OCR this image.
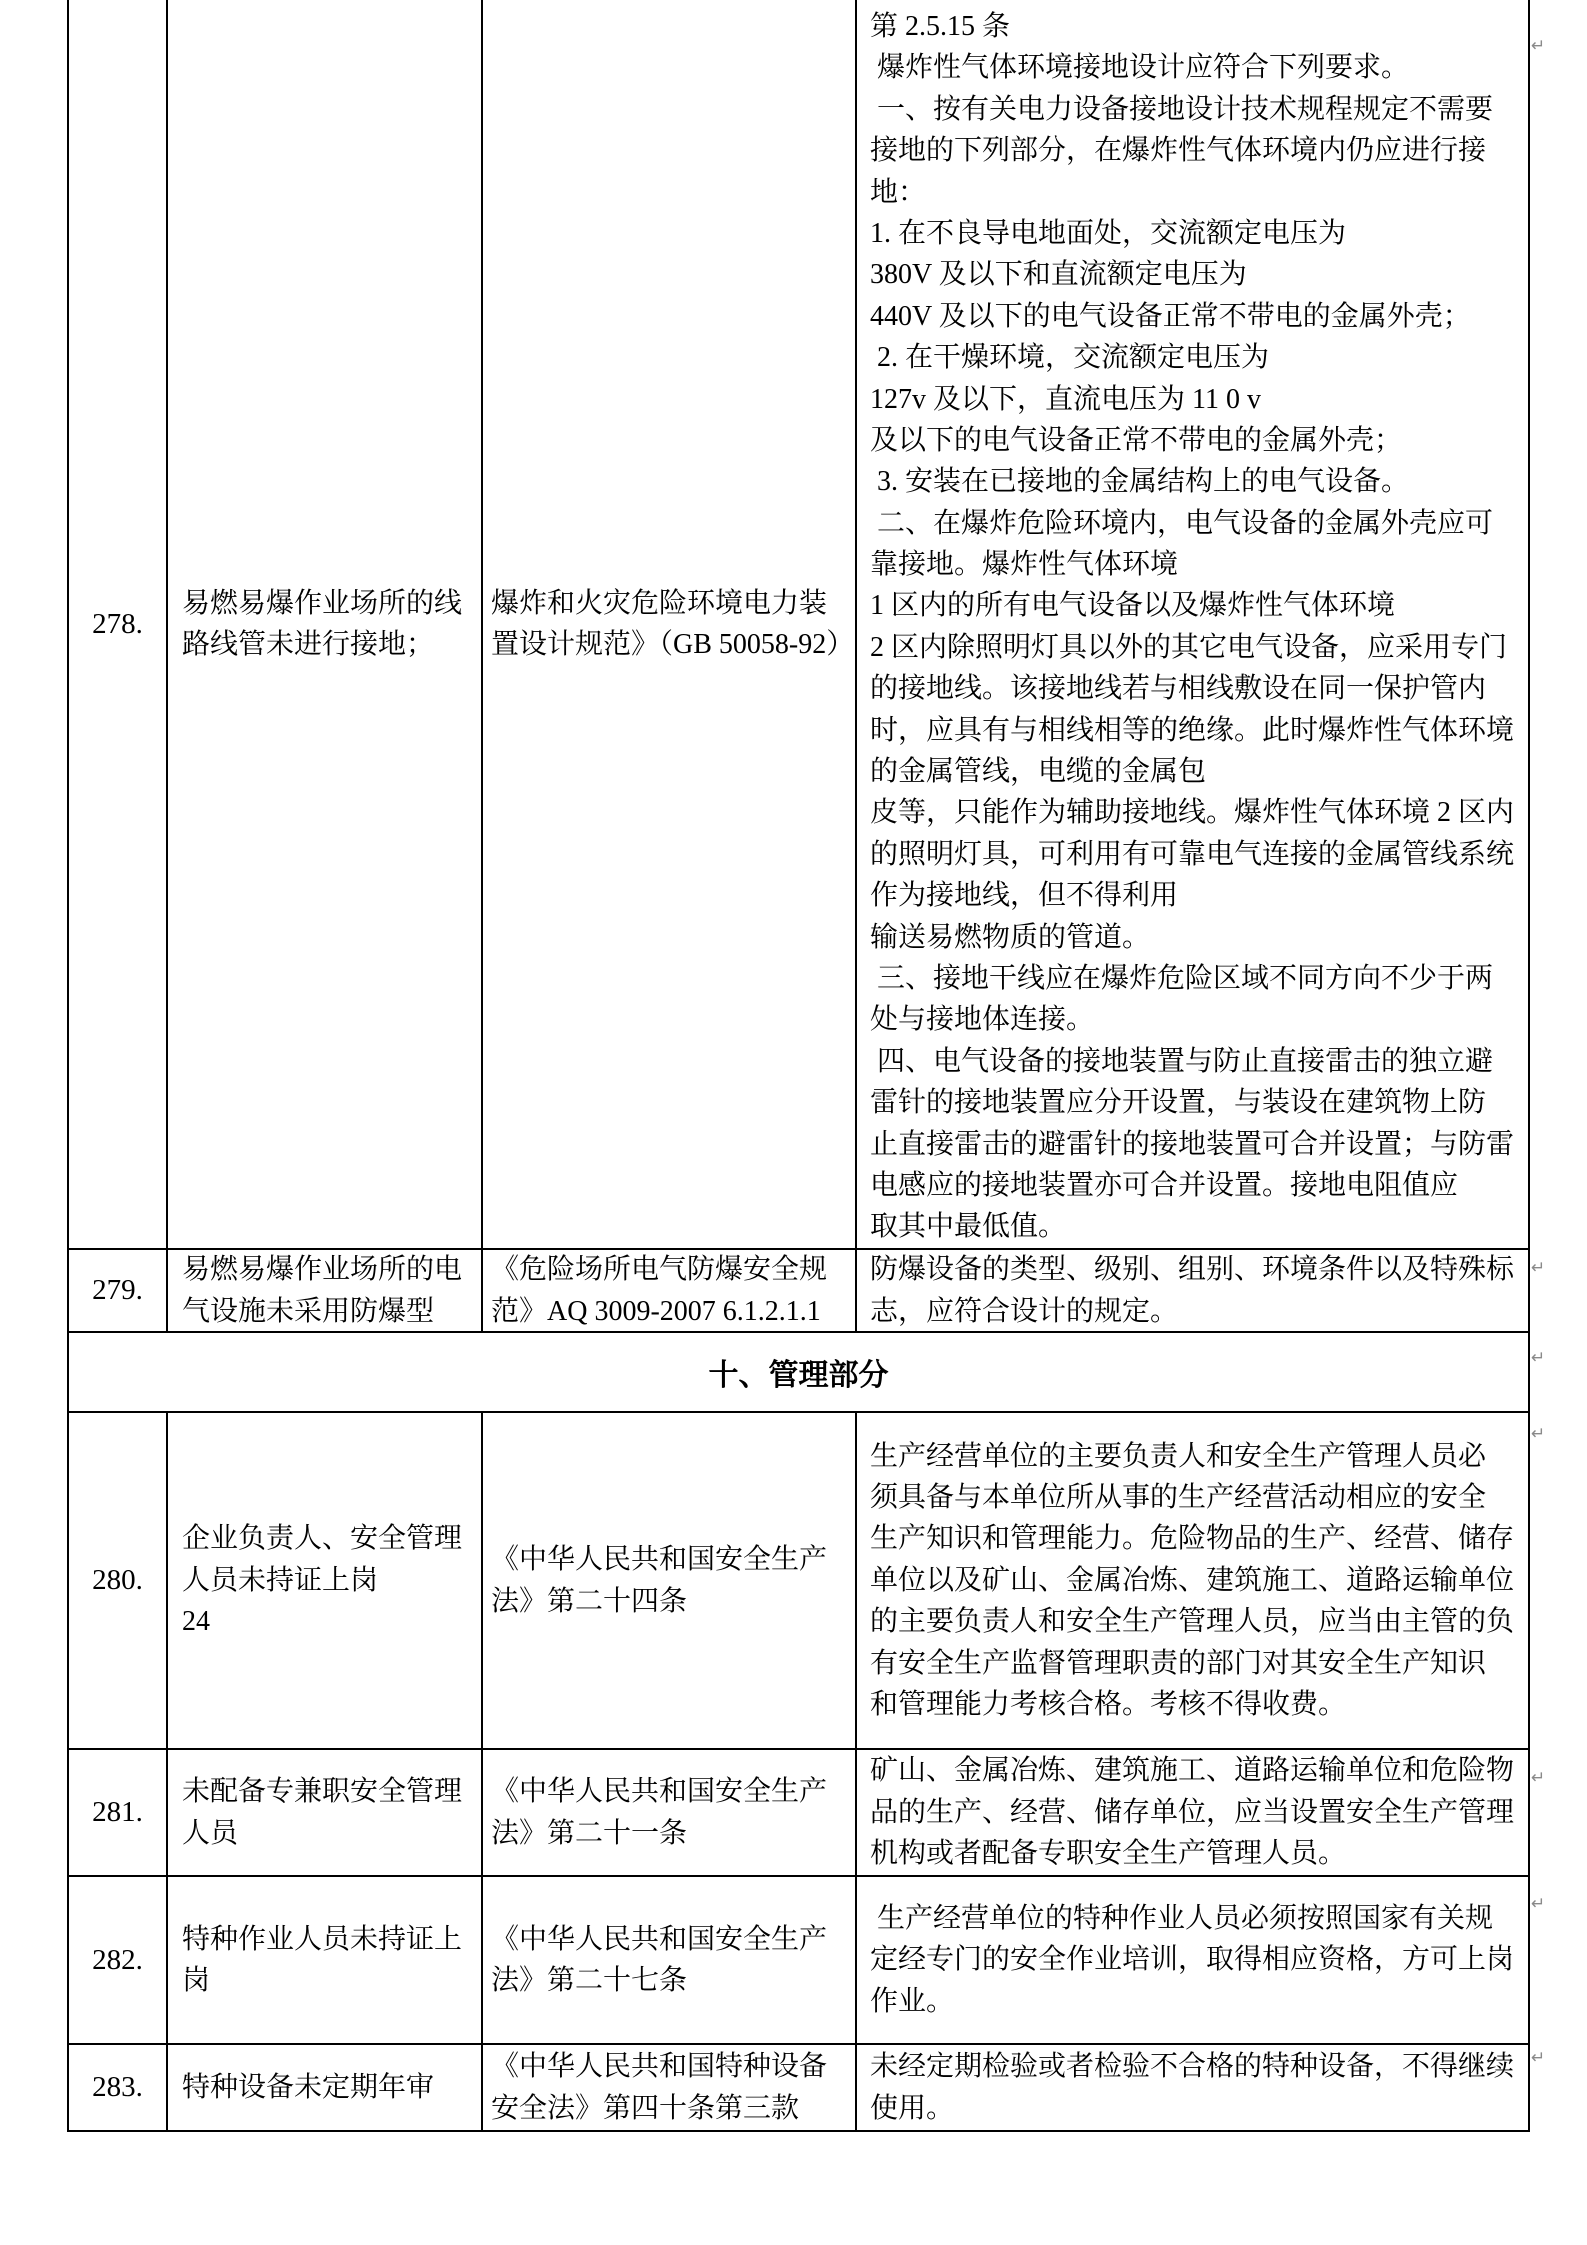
278.
易燃易爆作业场所的线
路线管未进行接地；
爆炸和火灾危险环境电力装
置设计规范》（GB 50058-92）
第 2.5.15 条
爆炸性气体环境接地设计应符合下列要求。
一、按有关电力设备接地设计技术规程规定不需要
接地的下列部分，在爆炸性气体环境内仍应进行接
地：
1. 在不良导电地面处，交流额定电压为
380V 及以下和直流额定电压为
440V 及以下的电气设备正常不带电的金属外壳；
2. 在干燥环境，交流额定电压为
127v 及以下，直流电压为 11 0 v
及以下的电气设备正常不带电的金属外壳；
3. 安装在已接地的金属结构上的电气设备。
二、在爆炸危险环境内，电气设备的金属外壳应可
靠接地。爆炸性气体环境
1 区内的所有电气设备以及爆炸性气体环境
2 区内除照明灯具以外的其它电气设备，应采用专门
的接地线。该接地线若与相线敷设在同一保护管内
时，应具有与相线相等的绝缘。此时爆炸性气体环境
的金属管线，电缆的金属包
皮等，只能作为辅助接地线。爆炸性气体环境 2 区内
的照明灯具，可利用有可靠电气连接的金属管线系统
作为接地线，但不得利用
输送易燃物质的管道。
三、接地干线应在爆炸危险区域不同方向不少于两
处与接地体连接。
四、电气设备的接地装置与防止直接雷击的独立避
雷针的接地装置应分开设置，与装设在建筑物上防
止直接雷击的避雷针的接地装置可合并设置；与防雷
电感应的接地装置亦可合并设置。接地电阻值应
取其中最低值。
279.
易燃易爆作业场所的电
气设施未采用防爆型
《危险场所电气防爆安全规
范》AQ 3009-2007 6.1.2.1.1
防爆设备的类型、级别、组别、环境条件以及特殊标
志，应符合设计的规定。
十、管理部分
280.
企业负责人、安全管理
人员未持证上岗
24
《中华人民共和国安全生产
法》第二十四条
生产经营单位的主要负责人和安全生产管理人员必
须具备与本单位所从事的生产经营活动相应的安全
生产知识和管理能力。危险物品的生产、经营、储存
单位以及矿山、金属冶炼、建筑施工、道路运输单位
的主要负责人和安全生产管理人员，应当由主管的负
有安全生产监督管理职责的部门对其安全生产知识
和管理能力考核合格。考核不得收费。
281.
未配备专兼职安全管理
人员
《中华人民共和国安全生产
法》第二十一条
矿山、金属冶炼、建筑施工、道路运输单位和危险物
品的生产、经营、储存单位，应当设置安全生产管理
机构或者配备专职安全生产管理人员。
282.
特种作业人员未持证上
岗
《中华人民共和国安全生产
法》第二十七条
生产经营单位的特种作业人员必须按照国家有关规
定经专门的安全作业培训，取得相应资格，方可上岗
作业。
283.	特种设备未定期年审
《中华人民共和国特种设备
安全法》第四十条第三款
未经定期检验或者检验不合格的特种设备，不得继续
使用。
↵
↵
↵
↵
↵
↵
↵
